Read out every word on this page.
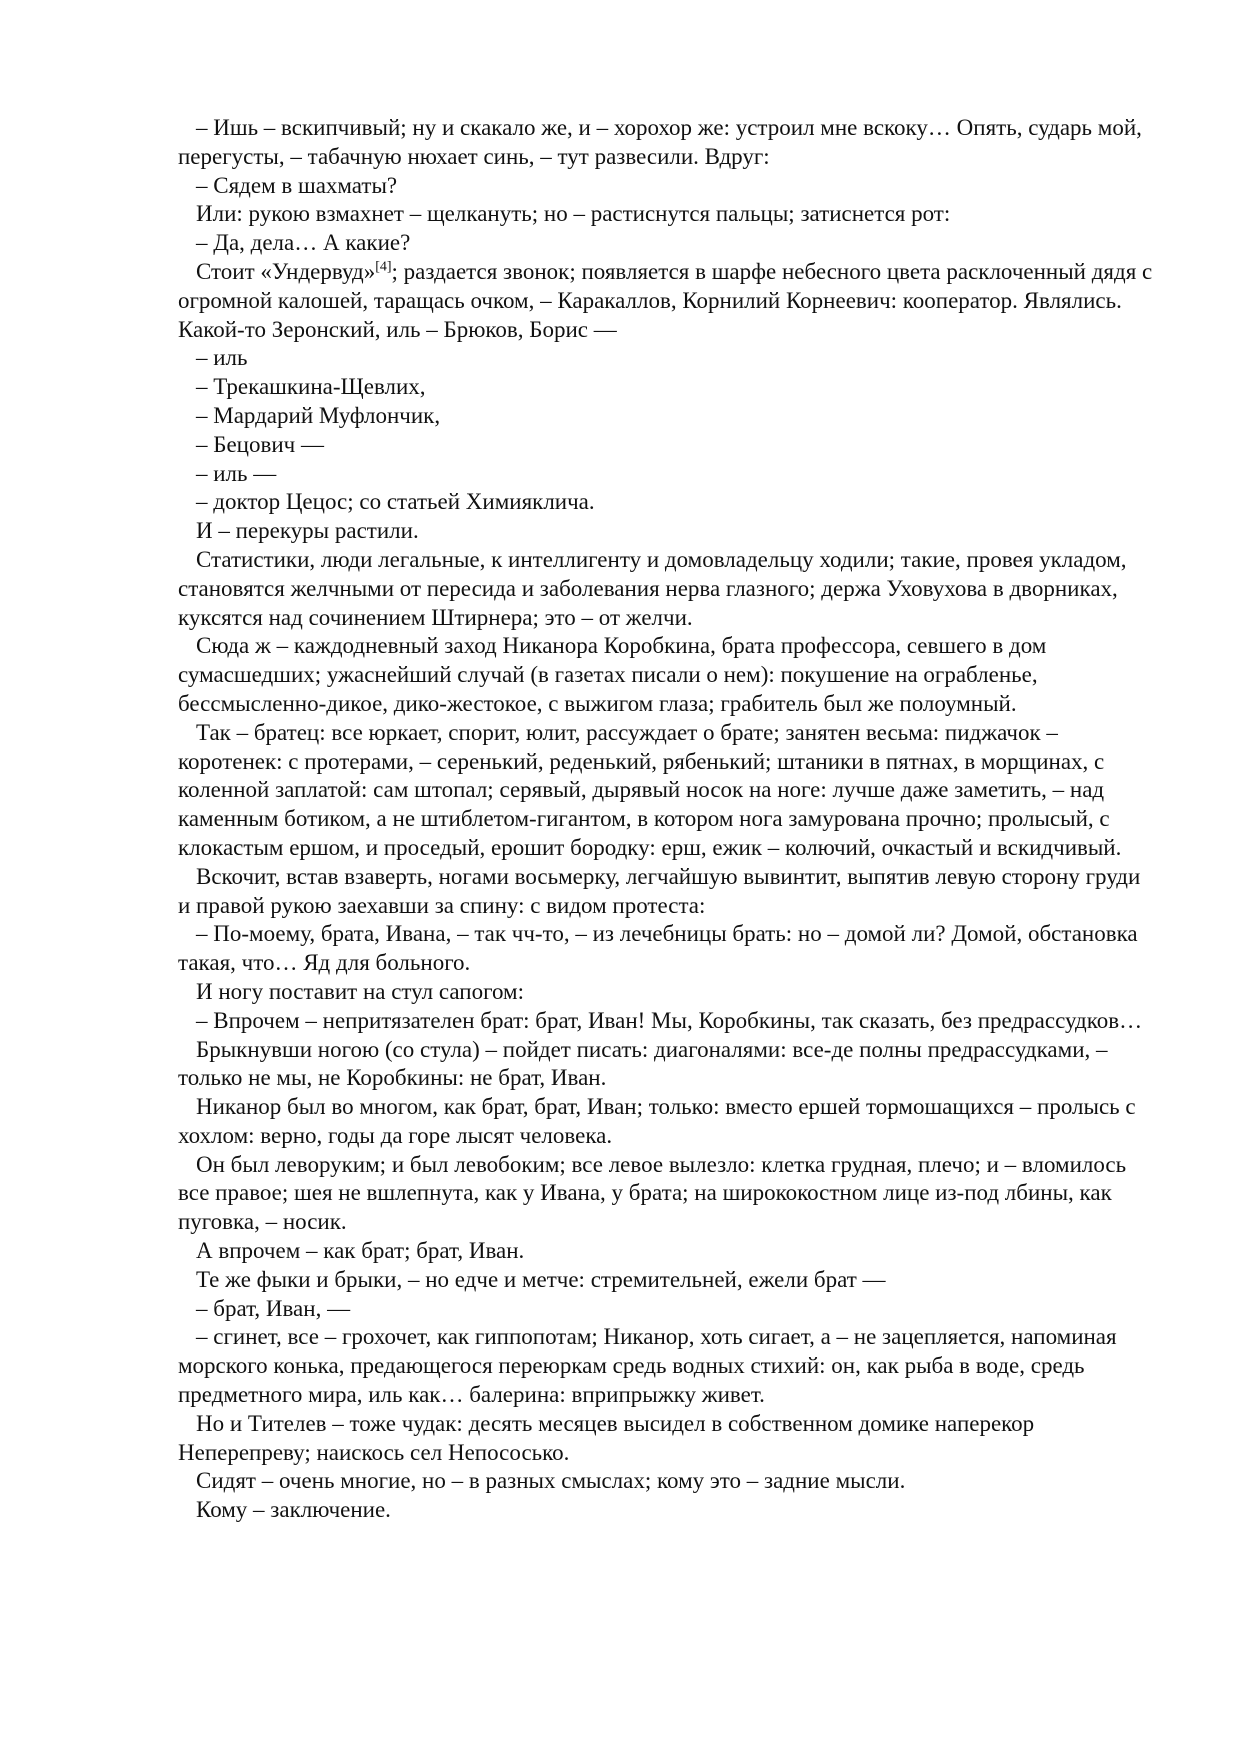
– Ишь – вскипчивый; ну и скакало же, и – хорохор же: устроил мне вскоку… Опять, сударь мой, перегусты, – табачную нюхает синь, – тут развесили. Вдруг:

– Сядем в шахматы?

Или: рукою взмахнет – щелкануть; но – растиснутся пальцы; затиснется рот:

– Да, дела… А какие?

Стоит «Ундервуд»[4]; раздается звонок; появляется в шарфе небесного цвета расклоченный дядя с огромной калошей, таращась очком, – Каракаллов, Корнилий Корнеевич: кооператор. Являлись. Какой-то Зеронский, иль – Брюков, Борис —

– иль

– Трекашкина-Щевлих,

– Мардарий Муфлончик,

– Бецович —

– иль —

– доктор Цецос; со статьей Химияклича.

И – перекуры растили.

Статистики, люди легальные, к интеллигенту и домовладельцу ходили; такие, провея укладом, становятся желчными от пересида и заболевания нерва глазного; держа Уховухова в дворниках, куксятся над сочинением Штирнера; это – от желчи.

Сюда ж – каждодневный заход Никанора Коробкина, брата профессора, севшего в дом сумасшедших; ужаснейший случай (в газетах писали о нем): покушение на ограбленье, бессмысленно-дикое, дико-жестокое, с выжигом глаза; грабитель был же полоумный.

Так – братец: все юркает, спорит, юлит, рассуждает о брате; занятен весьма: пиджачок – коротенек: с протерами, – серенький, реденький, рябенький; штаники в пятнах, в морщинах, с коленной заплатой: сам штопал; серявый, дырявый носок на ноге: лучше даже заметить, – над каменным ботиком, а не штиблетом-гигантом, в котором нога замурована прочно; пролысый, с клокастым ершом, и проседый, ерошит бородку: ерш, ежик – колючий, очкастый и вскидчивый.

Вскочит, встав взаверть, ногами восьмерку, легчайшую вывинтит, выпятив левую сторону груди и правой рукою заехавши за спину: с видом протеста:

– По-моему, брата, Ивана, – так чч-то, – из лечебницы брать: но – домой ли? Домой, обстановка такая, что… Яд для больного.

И ногу поставит на стул сапогом:

– Впрочем – непритязателен брат: брат, Иван! Мы, Коробкины, так сказать, без предрассудков…

Брыкнувши ногою (со стула) – пойдет писать: диагоналями: все-де полны предрассудками, – только не мы, не Коробкины: не брат, Иван.

Никанор был во многом, как брат, брат, Иван; только: вместо ершей тормошащихся – пролысь с хохлом: верно, годы да горе лысят человека.

Он был леворуким; и был левобоким; все левое вылезло: клетка грудная, плечо; и – вломилось все правое; шея не вшлепнута, как у Ивана, у брата; на ширококостном лице из-под лбины, как пуговка, – носик.

А впрочем – как брат; брат, Иван.

Те же фыки и брыки, – но едче и метче: стремительней, ежели брат —

– брат, Иван, —

– сгинет, все – грохочет, как гиппопотам; Никанор, хоть сигает, а – не зацепляется, напоминая морского конька, предающегося переюркам средь водных стихий: он, как рыба в воде, средь предметного мира, иль как… балерина: вприпрыжку живет.

Но и Тителев – тоже чудак: десять месяцев высидел в собственном домике наперекор Неперепреву; наискось сел Непососько.

Сидят – очень многие, но – в разных смыслах; кому это – задние мысли.

Кому – заключение.
